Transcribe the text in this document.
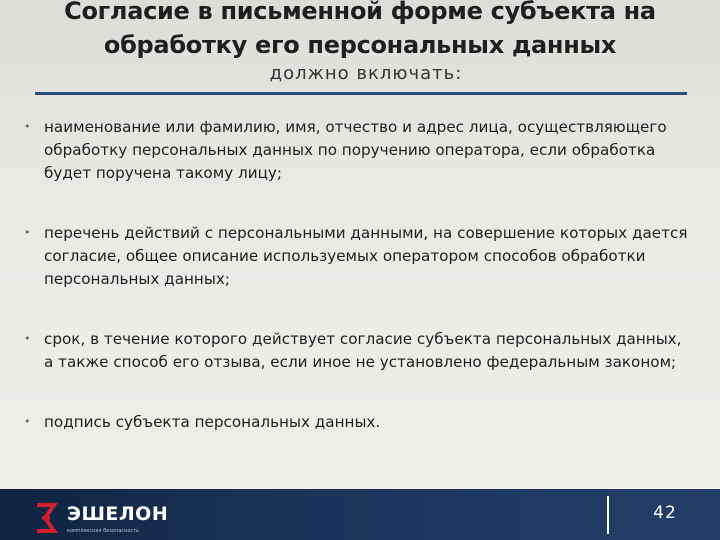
Согласие в письменной форме субъекта на
обработку его персональных данных
должно включать:
• наименование или фамилию, имя, отчество и адрес лица, осуществляющего обработку персональных данных по поручению оператора, если обработка будет поручена такому лицу;
• перечень действий с персональными данными, на совершение которых дается согласие, общее описание используемых оператором способов обработки персональных данных;
• срок, в течение которого действует согласие субъекта персональных данных, а также способ его отзыва, если иное не установлено федеральным законом;
• подпись субъекта персональных данных.
ЭШЕЛОН
комплексная безопасность
42
